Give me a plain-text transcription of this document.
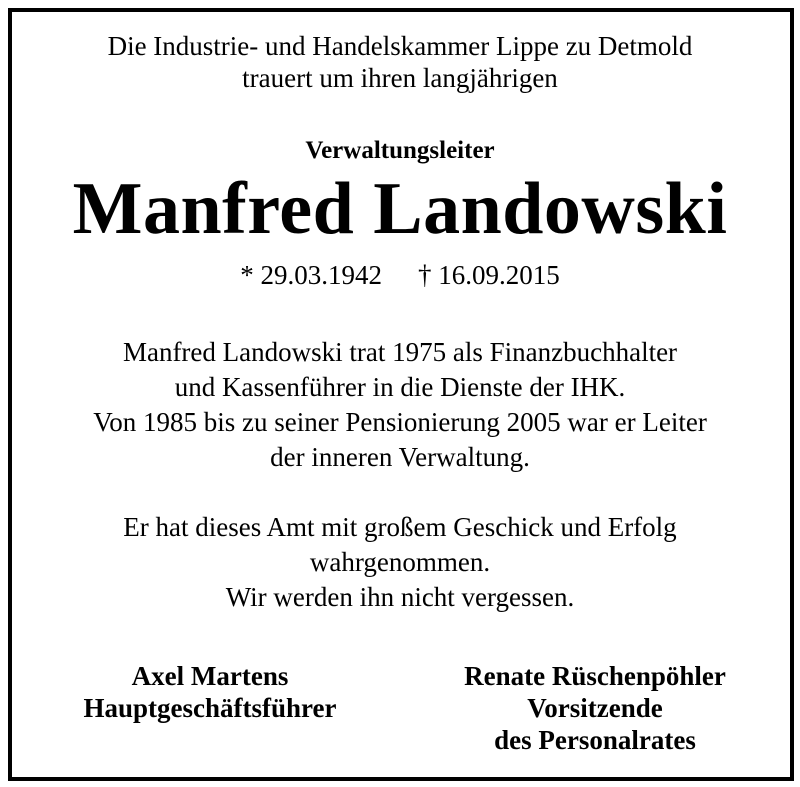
Die Industrie- und Handelskammer Lippe zu Detmold
trauert um ihren langjährigen
Verwaltungsleiter
Manfred Landowski
* 29.03.1942 † 16.09.2015
Manfred Landowski trat 1975 als Finanzbuchhalter
und Kassenführer in die Dienste der IHK.
Von 1985 bis zu seiner Pensionierung 2005 war er Leiter
der inneren Verwaltung.
Er hat dieses Amt mit großem Geschick und Erfolg
wahrgenommen.
Wir werden ihn nicht vergessen.
Axel Martens
Hauptgeschäftsführer
Renate Rüschenpöhler
Vorsitzende
des Personalrates
